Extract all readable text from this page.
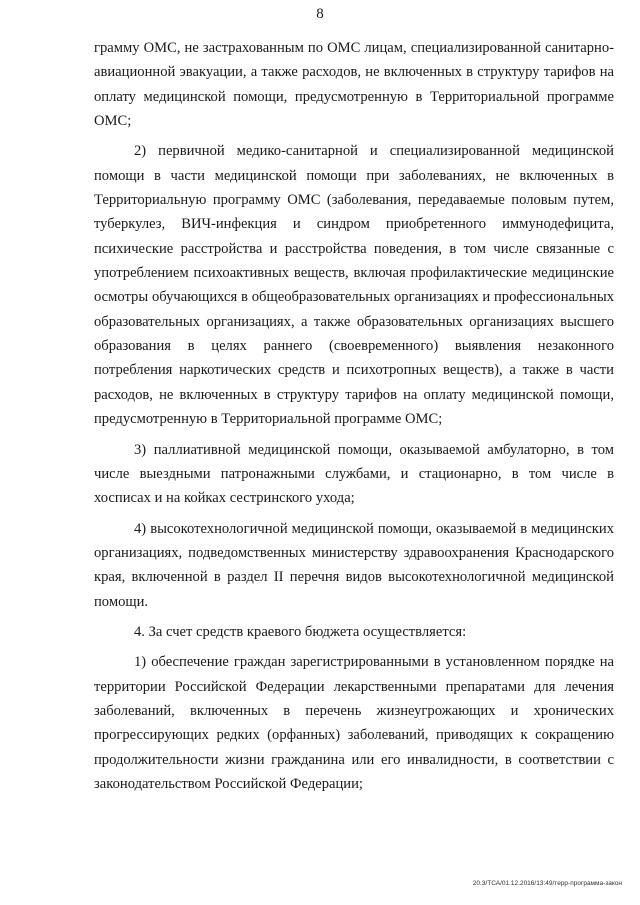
8

грамму ОМС, не застрахованным по ОМС лицам, специализированной санитарно-авиационной эвакуации, а также расходов, не включенных в структуру тарифов на оплату медицинской помощи, предусмотренную в Территориальной программе ОМС;

2) первичной медико-санитарной и специализированной медицинской помощи в части медицинской помощи при заболеваниях, не включенных в Территориальную программу ОМС (заболевания, передаваемые половым путем, туберкулез, ВИЧ-инфекция и синдром приобретенного иммунодефицита, психические расстройства и расстройства поведения, в том числе связанные с употреблением психоактивных веществ, включая профилактические медицинские осмотры обучающихся в общеобразовательных организациях и профессиональных образовательных организациях, а также образовательных организациях высшего образования в целях раннего (своевременного) выявления незаконного потребления наркотических средств и психотропных веществ), а также в части расходов, не включенных в структуру тарифов на оплату медицинской помощи, предусмотренную в Территориальной программе ОМС;

3) паллиативной медицинской помощи, оказываемой амбулаторно, в том числе выездными патронажными службами, и стационарно, в том числе в хосписах и на койках сестринского ухода;

4) высокотехнологичной медицинской помощи, оказываемой в медицинских организациях, подведомственных министерству здравоохранения Краснодарского края, включенной в раздел II перечня видов высокотехнологичной медицинской помощи.

4. За счет средств краевого бюджета осуществляется:

1) обеспечение граждан зарегистрированными в установленном порядке на территории Российской Федерации лекарственными препаратами для лечения заболеваний, включенных в перечень жизнеугрожающих и хронических прогрессирующих редких (орфанных) заболеваний, приводящих к сокращению продолжительности жизни гражданина или его инвалидности, в соответствии с законодательством Российской Федерации;

20.3/ТСА/01.12.2016/13:49/терр-программа-закон
